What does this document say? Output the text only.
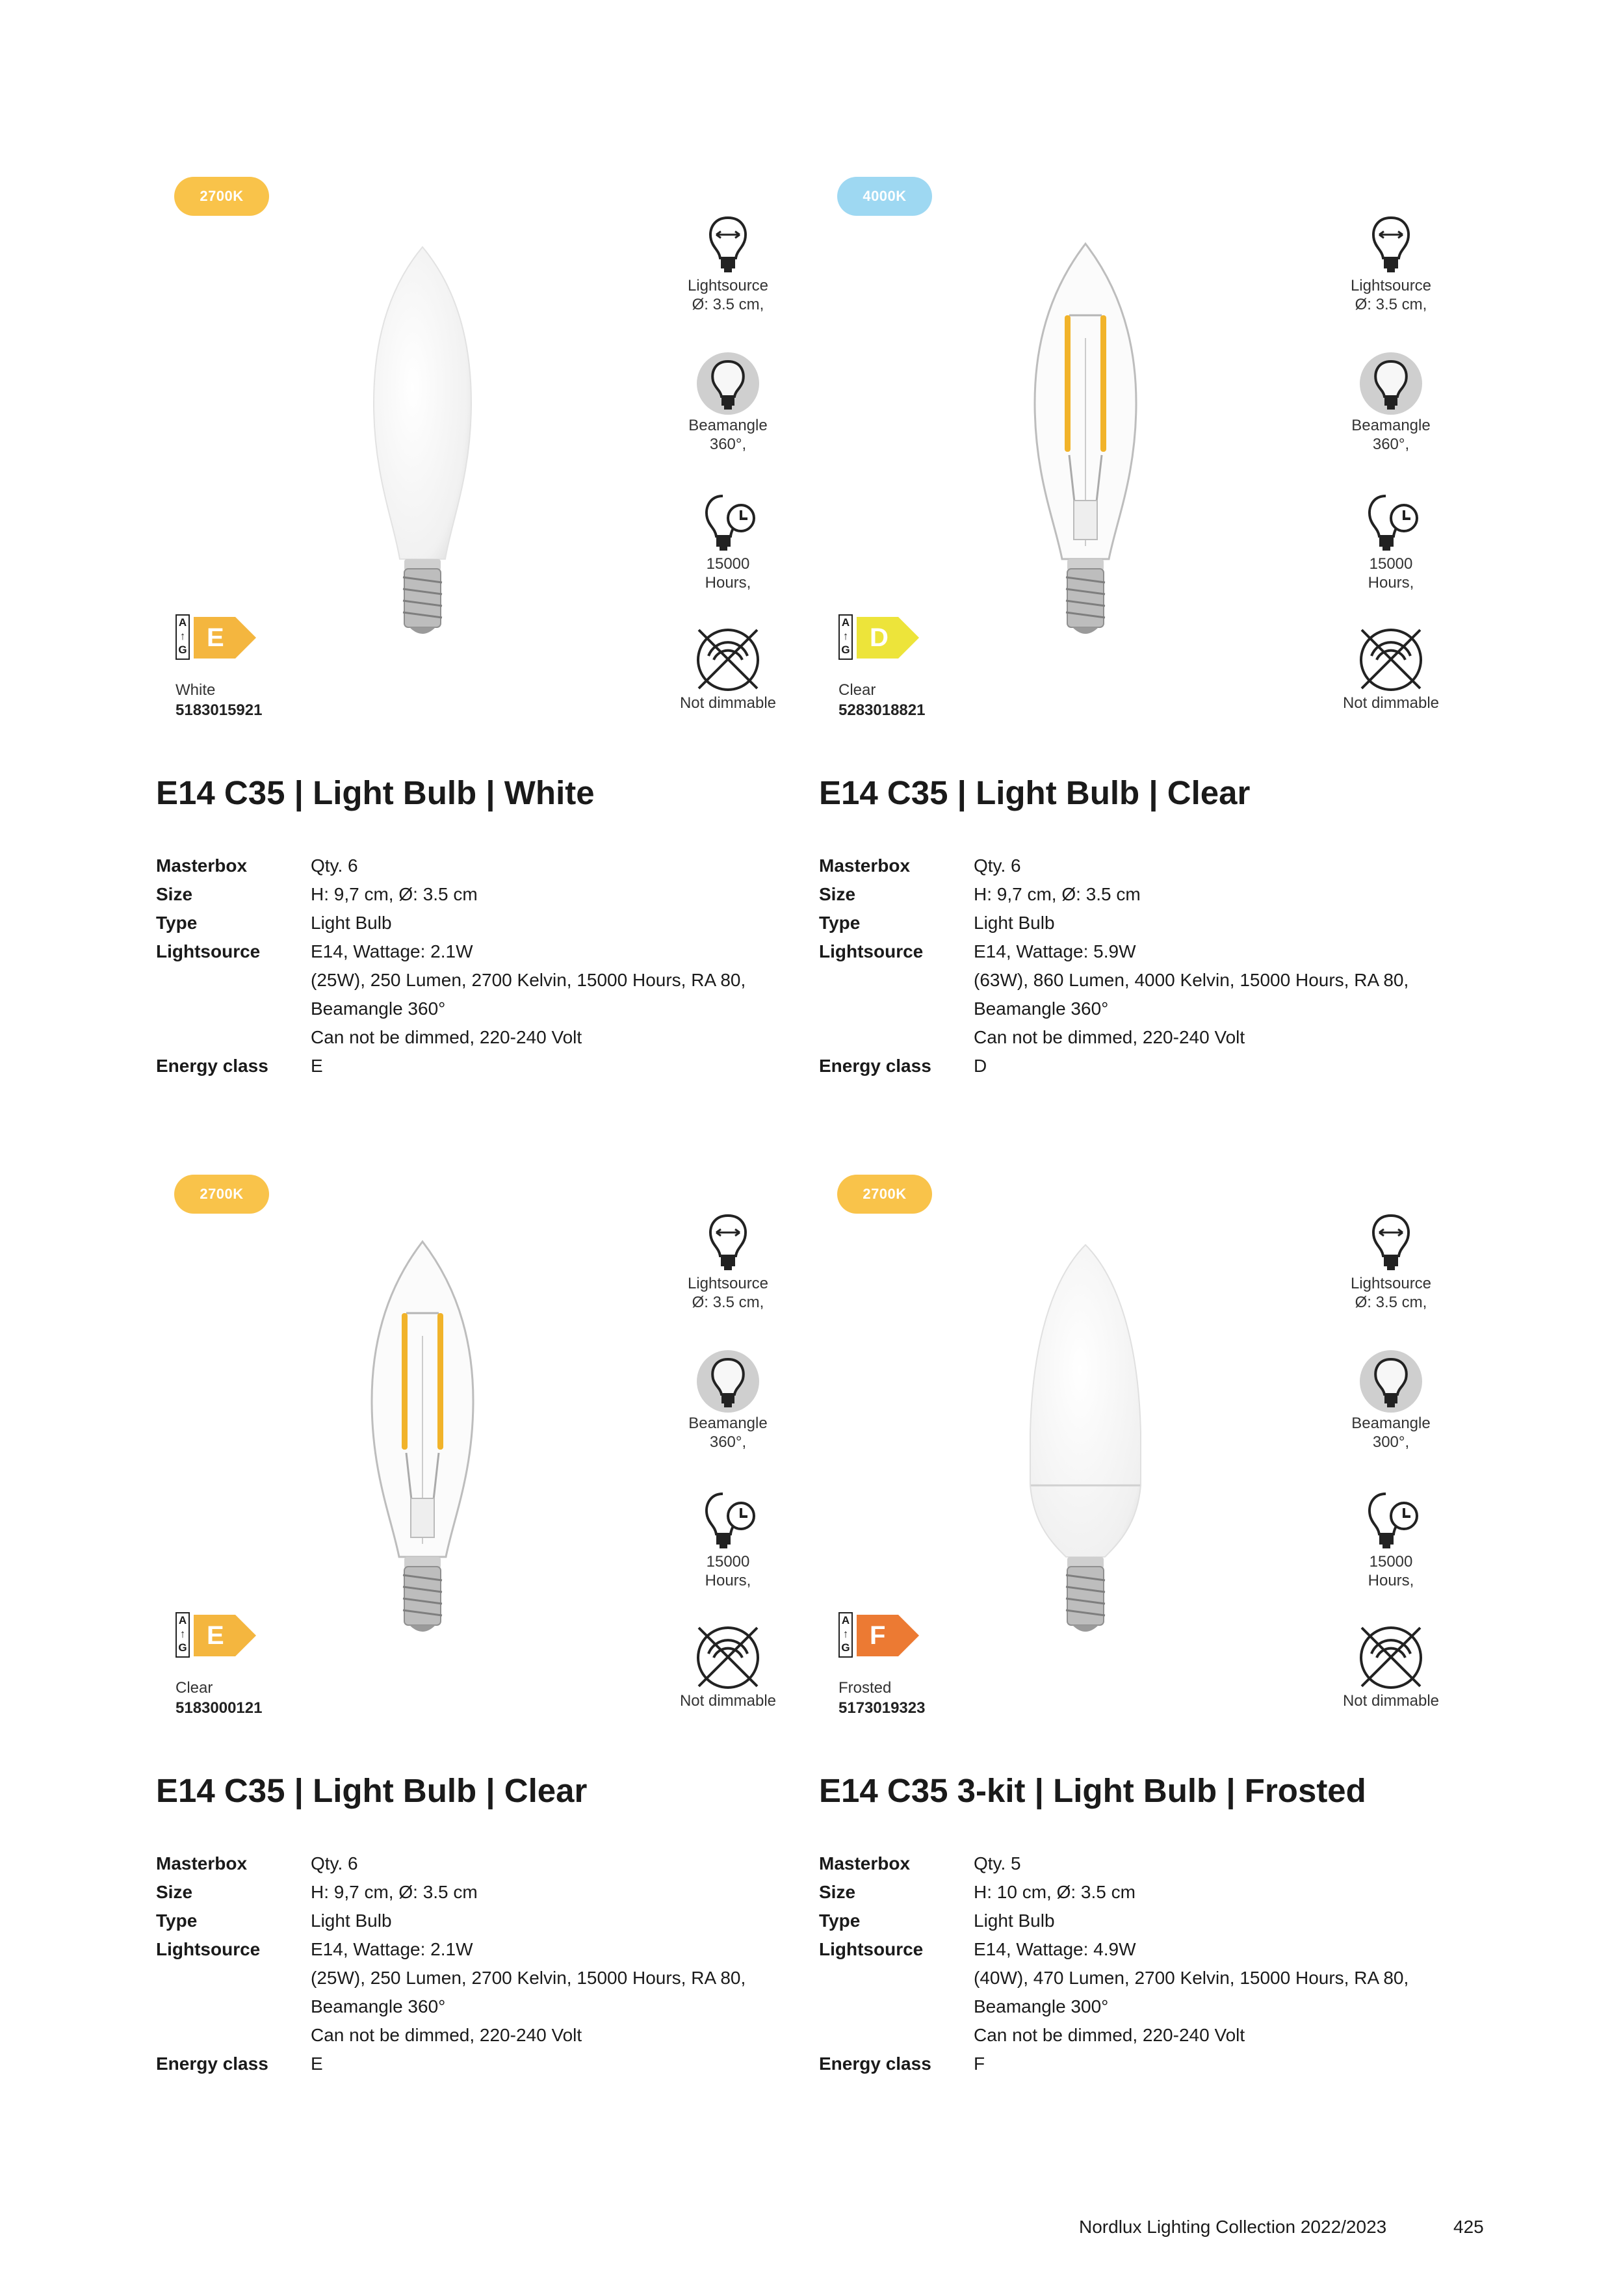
2700K
Lightsource
Ø: 3.5 cm,
Beamangle
360°,
15000
Hours,
Not dimmable
A
↑
G E
White
5183015921
E14 C35 | Light Bulb | White
Masterbox	Qty. 6
Size	H: 9,7 cm, Ø: 3.5 cm
Type	Light Bulb
Lightsource	E14, Wattage: 2.1W
(25W), 250 Lumen, 2700 Kelvin, 15000 Hours, RA 80,
Beamangle 360°
Can not be dimmed, 220-240 Volt
Energy class	E
4000K
Lightsource
Ø: 3.5 cm,
Beamangle
360°,
15000
Hours,
Not dimmable
A
↑
G D
Clear
5283018821
E14 C35 | Light Bulb | Clear
Masterbox	Qty. 6
Size	H: 9,7 cm, Ø: 3.5 cm
Type	Light Bulb
Lightsource	E14, Wattage: 5.9W
(63W), 860 Lumen, 4000 Kelvin, 15000 Hours, RA 80,
Beamangle 360°
Can not be dimmed, 220-240 Volt
Energy class	D
2700K
Lightsource
Ø: 3.5 cm,
Beamangle
360°,
15000
Hours,
Not dimmable
A
↑
G E
Clear
5183000121
E14 C35 | Light Bulb | Clear
Masterbox	Qty. 6
Size	H: 9,7 cm, Ø: 3.5 cm
Type	Light Bulb
Lightsource	E14, Wattage: 2.1W
(25W), 250 Lumen, 2700 Kelvin, 15000 Hours, RA 80,
Beamangle 360°
Can not be dimmed, 220-240 Volt
Energy class	E
2700K
Lightsource
Ø: 3.5 cm,
Beamangle
300°,
15000
Hours,
Not dimmable
A
↑
G F
Frosted
5173019323
E14 C35 3-kit | Light Bulb | Frosted
Masterbox	Qty. 5
Size	H: 10 cm, Ø: 3.5 cm
Type	Light Bulb
Lightsource	E14, Wattage: 4.9W
(40W), 470 Lumen, 2700 Kelvin, 15000 Hours, RA 80,
Beamangle 300°
Can not be dimmed, 220-240 Volt
Energy class	F
Nordlux Lighting Collection 2022/2023	425
